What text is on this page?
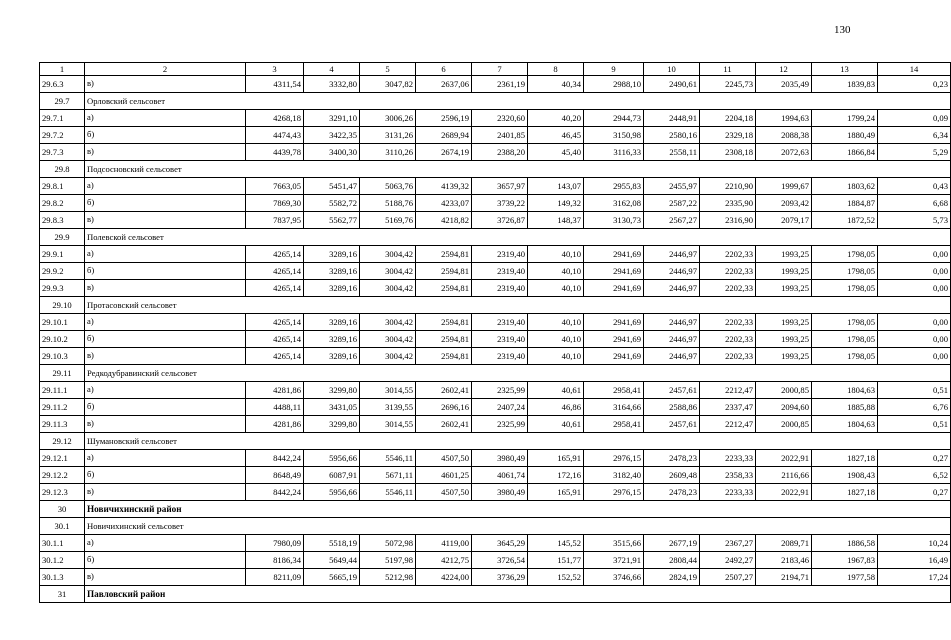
130
1	2	3	4	5	6	7	8	9	10	11	12	13	14
29.6.3	в)	4311,54	3332,80	3047,82	2637,06	2361,19	40,34	2988,10	2490,61	2245,73	2035,49	1839,83	0,23
29.7	Орловский сельсовет												
29.7.1	а)	4268,18	3291,10	3006,26	2596,19	2320,60	40,20	2944,73	2448,91	2204,18	1994,63	1799,24	0,09
29.7.2	б)	4474,43	3422,35	3131,26	2689,94	2401,85	46,45	3150,98	2580,16	2329,18	2088,38	1880,49	6,34
29.7.3	в)	4439,78	3400,30	3110,26	2674,19	2388,20	45,40	3116,33	2558,11	2308,18	2072,63	1866,84	5,29
29.8	Подсосновский сельсовет												
29.8.1	а)	7663,05	5451,47	5063,76	4139,32	3657,97	143,07	2955,83	2455,97	2210,90	1999,67	1803,62	0,43
29.8.2	б)	7869,30	5582,72	5188,76	4233,07	3739,22	149,32	3162,08	2587,22	2335,90	2093,42	1884,87	6,68
29.8.3	в)	7837,95	5562,77	5169,76	4218,82	3726,87	148,37	3130,73	2567,27	2316,90	2079,17	1872,52	5,73
29.9	Полевской сельсовет												
29.9.1	а)	4265,14	3289,16	3004,42	2594,81	2319,40	40,10	2941,69	2446,97	2202,33	1993,25	1798,05	0,00
29.9.2	б)	4265,14	3289,16	3004,42	2594,81	2319,40	40,10	2941,69	2446,97	2202,33	1993,25	1798,05	0,00
29.9.3	в)	4265,14	3289,16	3004,42	2594,81	2319,40	40,10	2941,69	2446,97	2202,33	1993,25	1798,05	0,00
29.10	Протасовский сельсовет												
29.10.1	а)	4265,14	3289,16	3004,42	2594,81	2319,40	40,10	2941,69	2446,97	2202,33	1993,25	1798,05	0,00
29.10.2	б)	4265,14	3289,16	3004,42	2594,81	2319,40	40,10	2941,69	2446,97	2202,33	1993,25	1798,05	0,00
29.10.3	в)	4265,14	3289,16	3004,42	2594,81	2319,40	40,10	2941,69	2446,97	2202,33	1993,25	1798,05	0,00
29.11	Редкодубравинский сельсовет												
29.11.1	а)	4281,86	3299,80	3014,55	2602,41	2325,99	40,61	2958,41	2457,61	2212,47	2000,85	1804,63	0,51
29.11.2	б)	4488,11	3431,05	3139,55	2696,16	2407,24	46,86	3164,66	2588,86	2337,47	2094,60	1885,88	6,76
29.11.3	в)	4281,86	3299,80	3014,55	2602,41	2325,99	40,61	2958,41	2457,61	2212,47	2000,85	1804,63	0,51
29.12	Шумановский сельсовет												
29.12.1	а)	8442,24	5956,66	5546,11	4507,50	3980,49	165,91	2976,15	2478,23	2233,33	2022,91	1827,18	0,27
29.12.2	б)	8648,49	6087,91	5671,11	4601,25	4061,74	172,16	3182,40	2609,48	2358,33	2116,66	1908,43	6,52
29.12.3	в)	8442,24	5956,66	5546,11	4507,50	3980,49	165,91	2976,15	2478,23	2233,33	2022,91	1827,18	0,27
30	Новичихинский район												
30.1	Новичихинский сельсовет												
30.1.1	а)	7980,09	5518,19	5072,98	4119,00	3645,29	145,52	3515,66	2677,19	2367,27	2089,71	1886,58	10,24
30.1.2	б)	8186,34	5649,44	5197,98	4212,75	3726,54	151,77	3721,91	2808,44	2492,27	2183,46	1967,83	16,49
30.1.3	в)	8211,09	5665,19	5212,98	4224,00	3736,29	152,52	3746,66	2824,19	2507,27	2194,71	1977,58	17,24
31	Павловский район												
